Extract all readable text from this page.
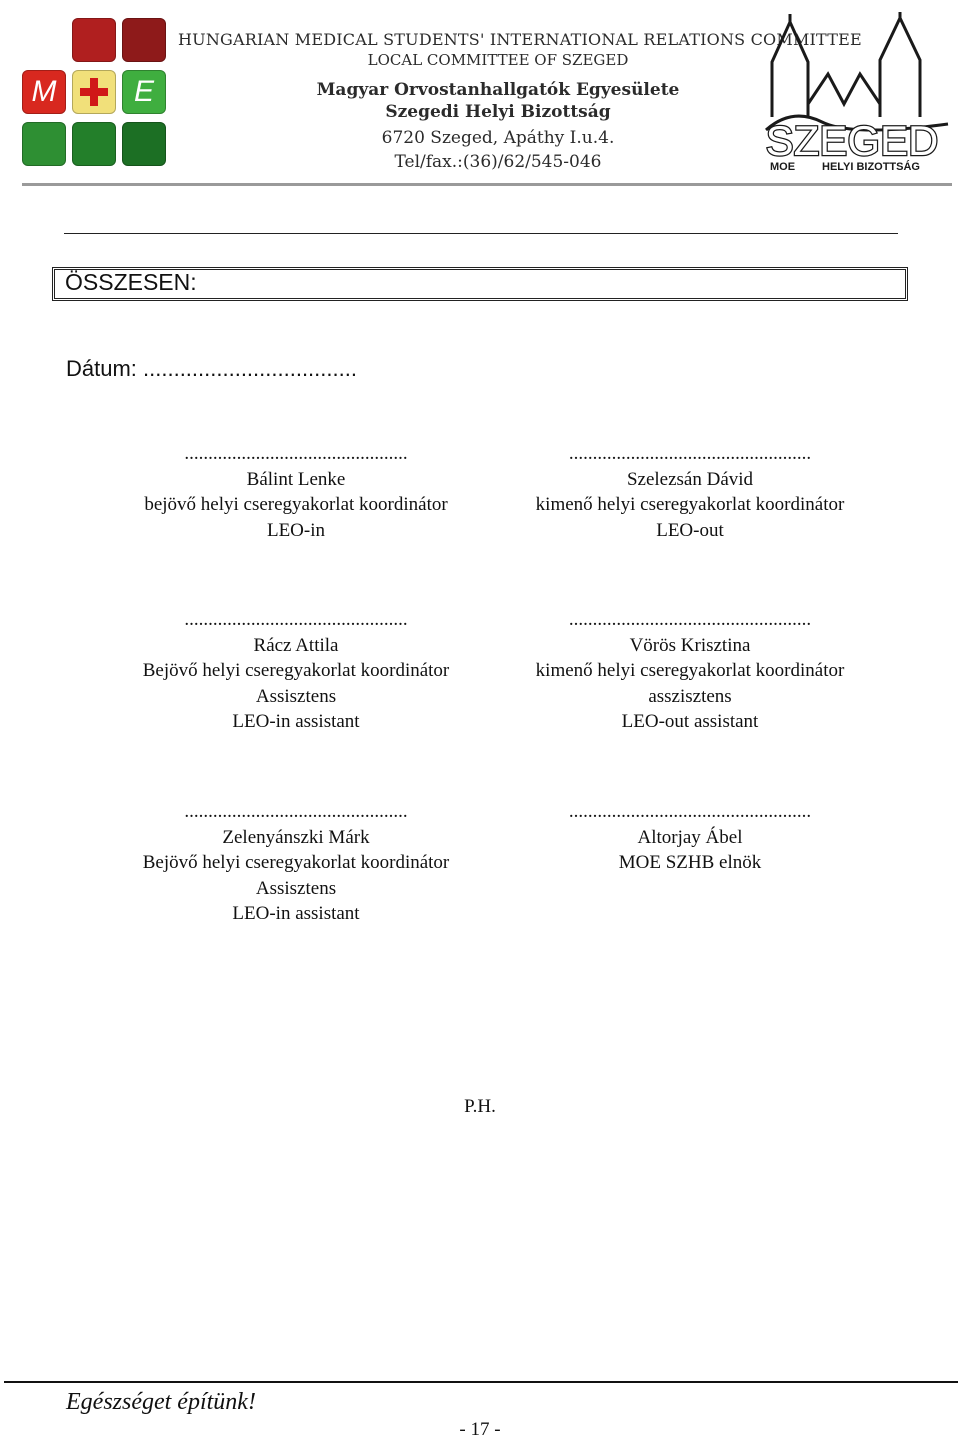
M	E
HUNGARIAN MEDICAL STUDENTS' INTERNATIONAL RELATIONS COMMITTEE
LOCAL COMMITTEE OF SZEGED
Magyar Orvostanhallgatók Egyesülete
Szegedi Helyi Bizottság
6720 Szeged, Apáthy I.u.4.
Tel/fax.:(36)/62/545-046	SZEGED
MOE HELYI BIZOTTSÁG
ÖSSZESEN:
Dátum: ...................................
...............................................
Bálint Lenke
bejövő helyi cseregyakorlat koordinátor
LEO-in
...................................................
Szelezsán Dávid
kimenő helyi cseregyakorlat koordinátor
LEO-out
...............................................
Rácz Attila
Bejövő helyi cseregyakorlat koordinátor
Assisztens
LEO-in assistant
...................................................
Vörös Krisztina
kimenő helyi cseregyakorlat koordinátor
asszisztens
LEO-out assistant
...............................................
Zelenyánszki Márk
Bejövő helyi cseregyakorlat koordinátor
Assisztens
LEO-in assistant
...................................................
Altorjay Ábel
MOE SZHB elnök
P.H.
Egészséget építünk!
- 17 -
